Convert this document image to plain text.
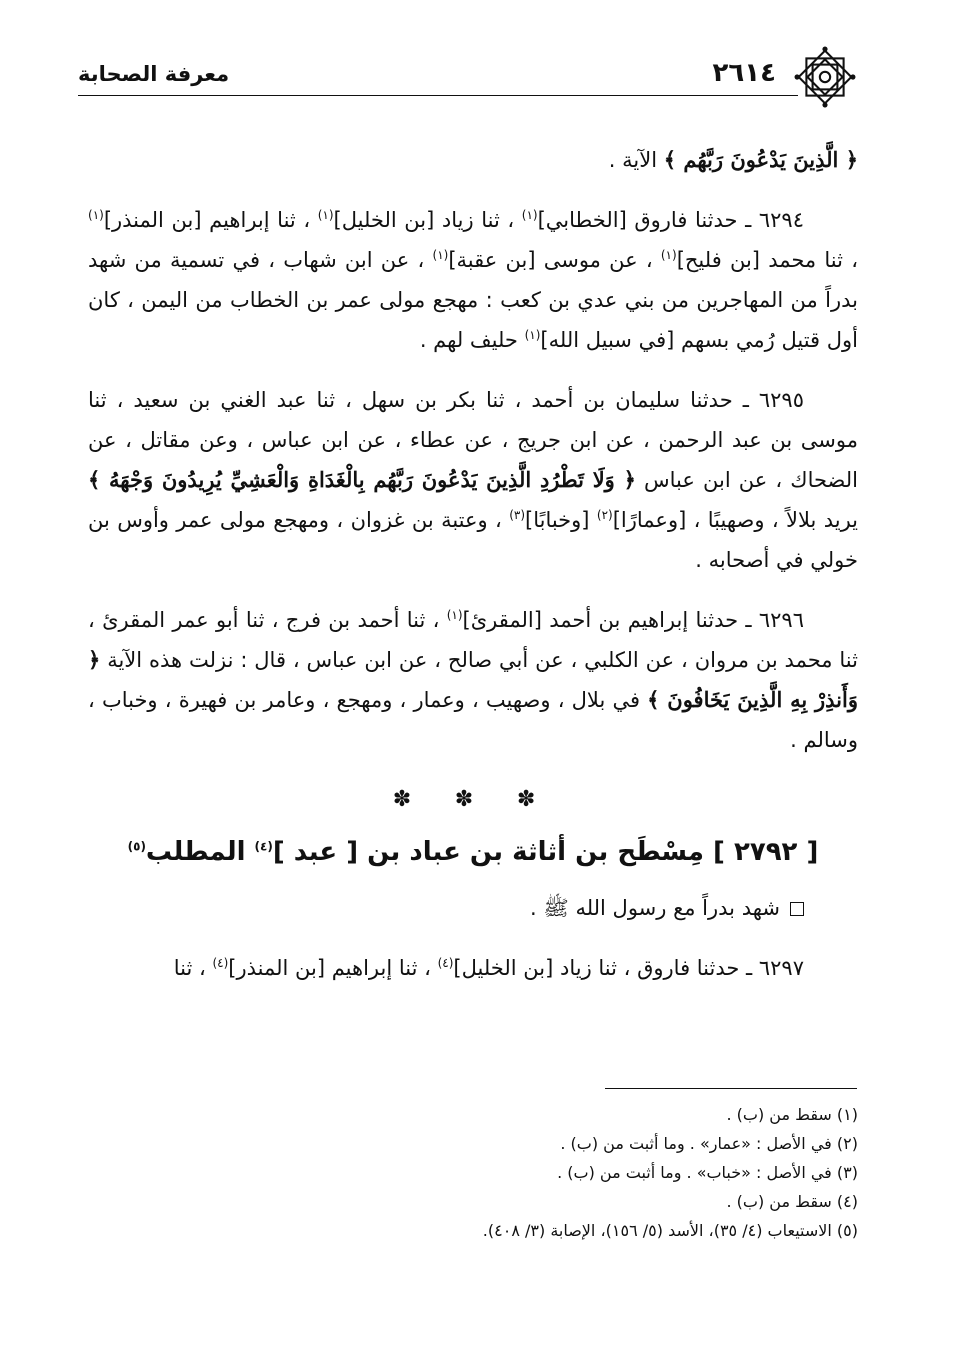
معرفة الصحابة	٢٦١٤

﴿ الَّذِينَ يَدْعُونَ رَبَّهُم ﴾ الآية .

٦٢٩٤ ـ حدثنا فاروق [الخطابي]$^{(١)}$ ، ثنا زياد [بن الخليل]$^{(١)}$ ، ثنا إبراهيم [بن المنذر]$^{(١)}$ ، ثنا محمد [بن فليح]$^{(١)}$ ، عن موسى [بن عقبة]$^{(١)}$ ، عن ابن شهاب ، في تسمية من شهد بدراً من المهاجرين من بني عدي بن كعب : مهجع مولى عمر بن الخطاب من اليمن ، كان أول قتيل رُمي بسهم [في سبيل الله]$^{(١)}$ حليف لهم .

٦٢٩٥ ـ حدثنا سليمان بن أحمد ، ثنا بكر بن سهل ، ثنا عبد الغني بن سعيد ، ثنا موسى بن عبد الرحمن ، عن ابن جريج ، عن عطاء ، عن ابن عباس ، وعن مقاتل ، عن الضحاك ، عن ابن عباس ﴿ وَلَا تَطْرُدِ الَّذِينَ يَدْعُونَ رَبَّهُم بِالْغَدَاةِ وَالْعَشِيِّ يُرِيدُونَ وَجْهَهُ ﴾ يريد بلالاً ، وصهيبًا ، [وعمارًا]$^{(٢)}$ [وخبابًا]$^{(٣)}$ ، وعتبة بن غزوان ، ومهجع مولى عمر وأوس بن خولي في أصحابه .

٦٢٩٦ ـ حدثنا إبراهيم بن أحمد [المقرئ]$^{(١)}$ ، ثنا أحمد بن فرج ، ثنا أبو عمر المقرئ ، ثنا محمد بن مروان ، عن الكلبي ، عن أبي صالح ، عن ابن عباس ، قال : نزلت هذه الآية ﴿ وَأَنذِرْ بِهِ الَّذِينَ يَخَافُونَ ﴾ في بلال ، وصهيب ، وعمار ، ومهجع ، وعامر بن فهيرة ، وخباب ، وسالم .

✽ ✽ ✽
[ ٢٧٩٢ ] مِسْطَح بن أثاثة بن عباد بن [ عبد ]$^{(٤)}$ المطلب$^{(٥)}$

شهد بدراً مع رسول الله ﷺ .

٦٢٩٧ ـ حدثنا فاروق ، ثنا زياد [بن الخليل]$^{(٤)}$ ، ثنا إبراهيم [بن المنذر]$^{(٤)}$ ، ثنا

(١) سقط من (ب) .
(٢) في الأصل : «عمار» . وما أثبت من (ب) .
(٣) في الأصل : «خباب» . وما أثبت من (ب) .
(٤) سقط من (ب) .
(٥) الاستيعاب (٤/ ٣٥)، الأسد (٥/ ١٥٦)، الإصابة (٣/ ٤٠٨).
